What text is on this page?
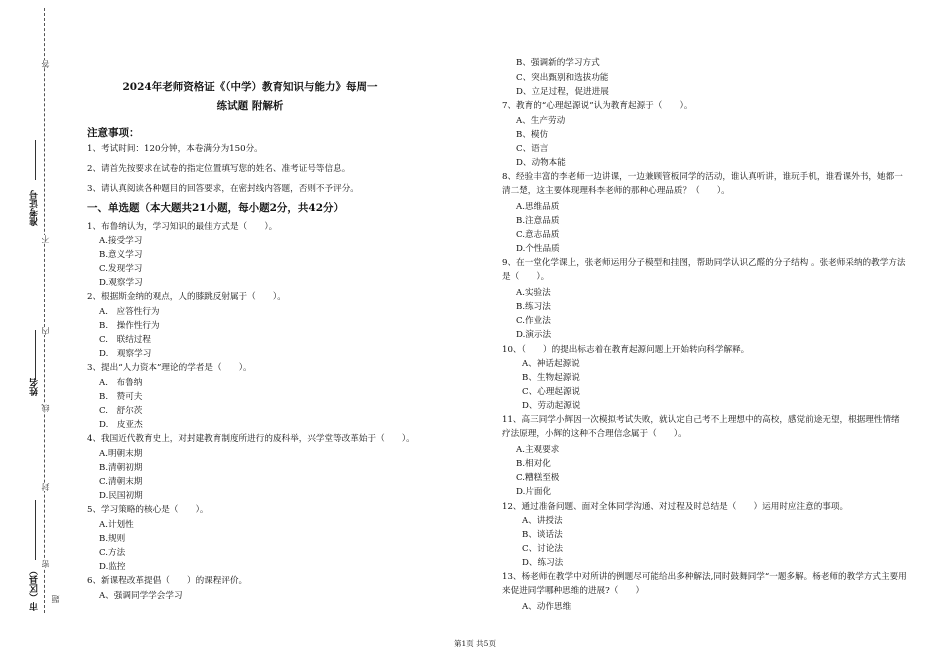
答
准考证号
不
内
姓名
线
封
市（区县）
密
题
2024年老师资格证《（中学）教育知识与能力》每周一
练试题 附解析
注意事项：
1、考试时间：120分钟，本卷满分为150分。
2、请首先按要求在试卷的指定位置填写您的姓名、准考证号等信息。
3、请认真阅读各种题目的回答要求，在密封线内答题，否则不予评分。
一、单选题（本大题共21小题，每小题2分，共42分）
1、布鲁纳认为，学习知识的最佳方式是（　　）。
A.接受学习
B.意义学习
C.发现学习
D.观察学习
2、根据斯金纳的观点，人的膝跳反射属于（　　）。
A.　应答性行为
B.　操作性行为
C.　联结过程
D.　观察学习
3、提出“人力资本”理论的学者是（　　）。
A.　布鲁纳
B.　赞可夫
C.　舒尔茨
D.　皮亚杰
4、我国近代教育史上，对封建教育制度所进行的废科举，兴学堂等改革始于（　　）。
A.明朝末期
B.清朝初期
C.清朝末期
D.民国初期
5、学习策略的核心是（　　）。
A.计划性
B.规则
C.方法
D.监控
6、新课程改革提倡（　　）的课程评价。
A、强调同学学会学习
B、强调新的学习方式
C、突出甄别和选拔功能
D、立足过程，促进进展
7、教育的“心理起源说”认为教育起源于（　　）。
A、生产劳动
B、模仿
C、语言
D、动物本能
8、经验丰富的李老师一边讲课，一边兼顾管板同学的活动，谁认真听讲，谁玩手机，谁看课外书，她都一清二楚，这主要体现理科李老师的那种心理品质？（　　）。
A.思维品质
B.注意品质
C.意志品质
D.个性品质
9、在一堂化学课上，张老师运用分子模型和挂图，帮助同学认识乙醛的分子结构 。张老师采纳的教学方法是（　　）。
A.实验法
B.练习法
C.作业法
D.演示法
10、（　　）的提出标志着在教育起源问题上开始转向科学解释。
A、神话起源说
B、生物起源说
C、心理起源说
D、劳动起源说
11、高三同学小辉因一次模拟考试失败，就认定自己考不上理想中的高校，感觉前途无望，根据理性情绪疗法原理，小辉的这种不合理信念属于（　　）。
A.主观要求
B.相对化
C.糟糕至极
D.片面化
12、通过准备问题、面对全体同学沟通、对过程及时总结是（　　）运用时应注意的事项。
A、讲授法
B、谈话法
C、讨论法
D、练习法
13、杨老师在教学中对所讲的例题尽可能给出多种解法,同时鼓舞同学“一题多解。杨老师的教学方式主要用来促进同学哪种思维的进展?（　　）
A、动作思维
第1页 共5页
